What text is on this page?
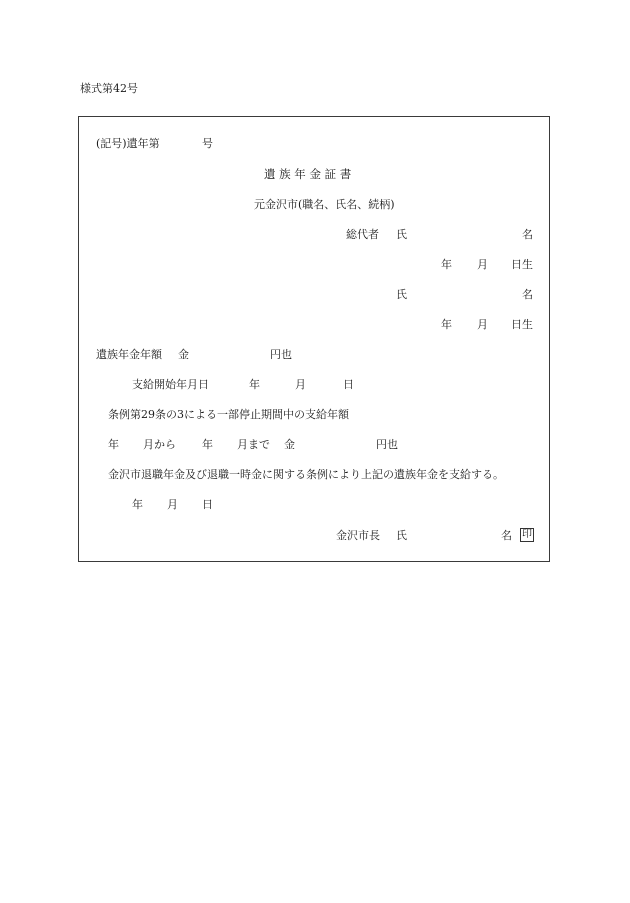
様式第42号
(記号)遺年第	号
遺 族 年 金 証 書
元金沢市(職名、氏名、続柄)
総代者 氏	名
年 月 日生
氏	名
年 月 日生
遺族年金年額 金	円也
支給開始年月日	年	月	日
条例第29条の3による一部停止期間中の支給年額
年 月から 年 月まで 金	円也
金沢市退職年金及び退職一時金に関する条例により上記の遺族年金を支給する。
年 月 日
金沢市長 氏	名 印
